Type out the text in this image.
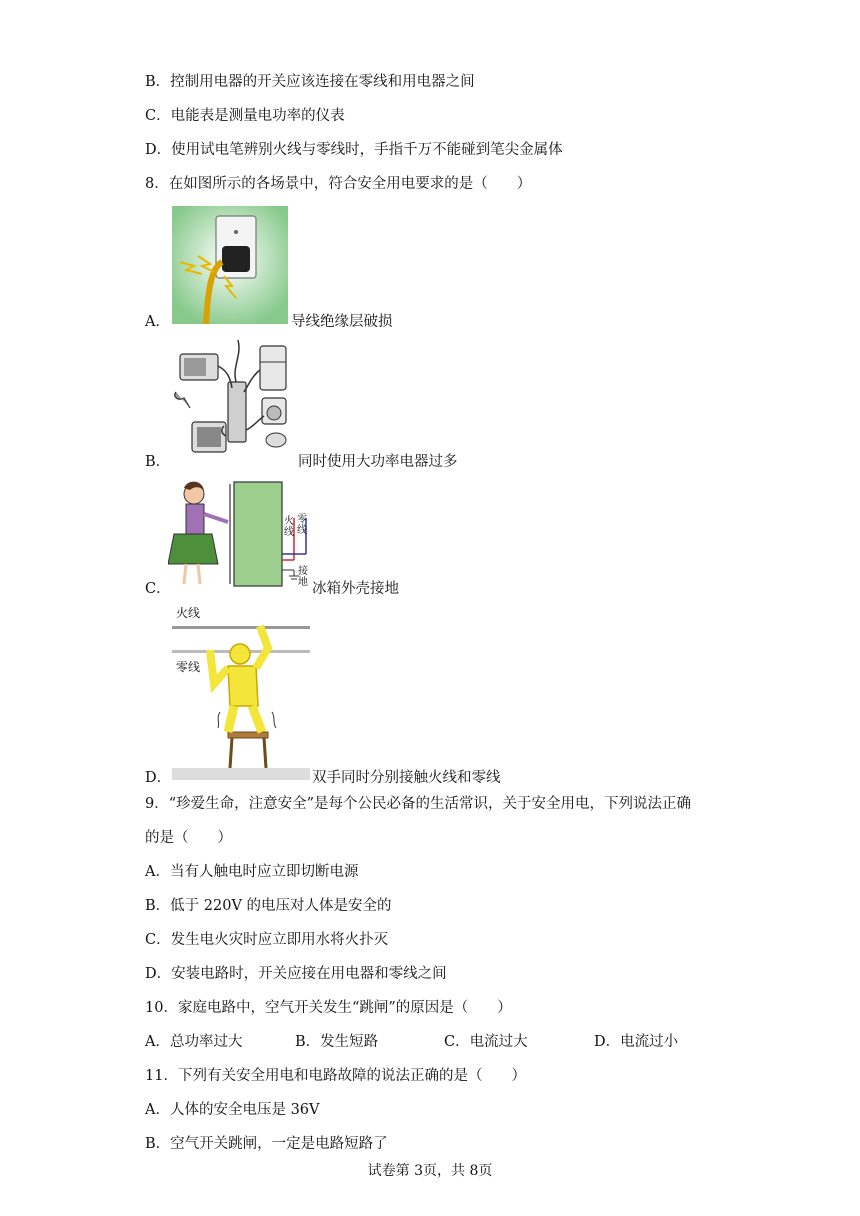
B．控制用电器的开关应该连接在零线和用电器之间
C．电能表是测量电功率的仪表
D．使用试电笔辨别火线与零线时，手指千万不能碰到笔尖金属体
8．在如图所示的各场景中，符合安全用电要求的是（　　）
A．	导线绝缘层破损
B．	同时使用大功率电器过多
C．
火线
零线
接地 冰箱外壳接地
D．
火线
零线
双手同时分别接触火线和零线
9．“珍爱生命，注意安全”是每个公民必备的生活常识，关于安全用电，下列说法正确
的是（　　）
A．当有人触电时应立即切断电源
B．低于 220V 的电压对人体是安全的
C．发生电火灾时应立即用水将火扑灭
D．安装电路时，开关应接在用电器和零线之间
10．家庭电路中，空气开关发生“跳闸”的原因是（　　）
A．总功率过大	B．发生短路	C．电流过大	D．电流过小
11．下列有关安全用电和电路故障的说法正确的是（　　）
A．人体的安全电压是 36V
B．空气开关跳闸，一定是电路短路了
试卷第 3页，共 8页
